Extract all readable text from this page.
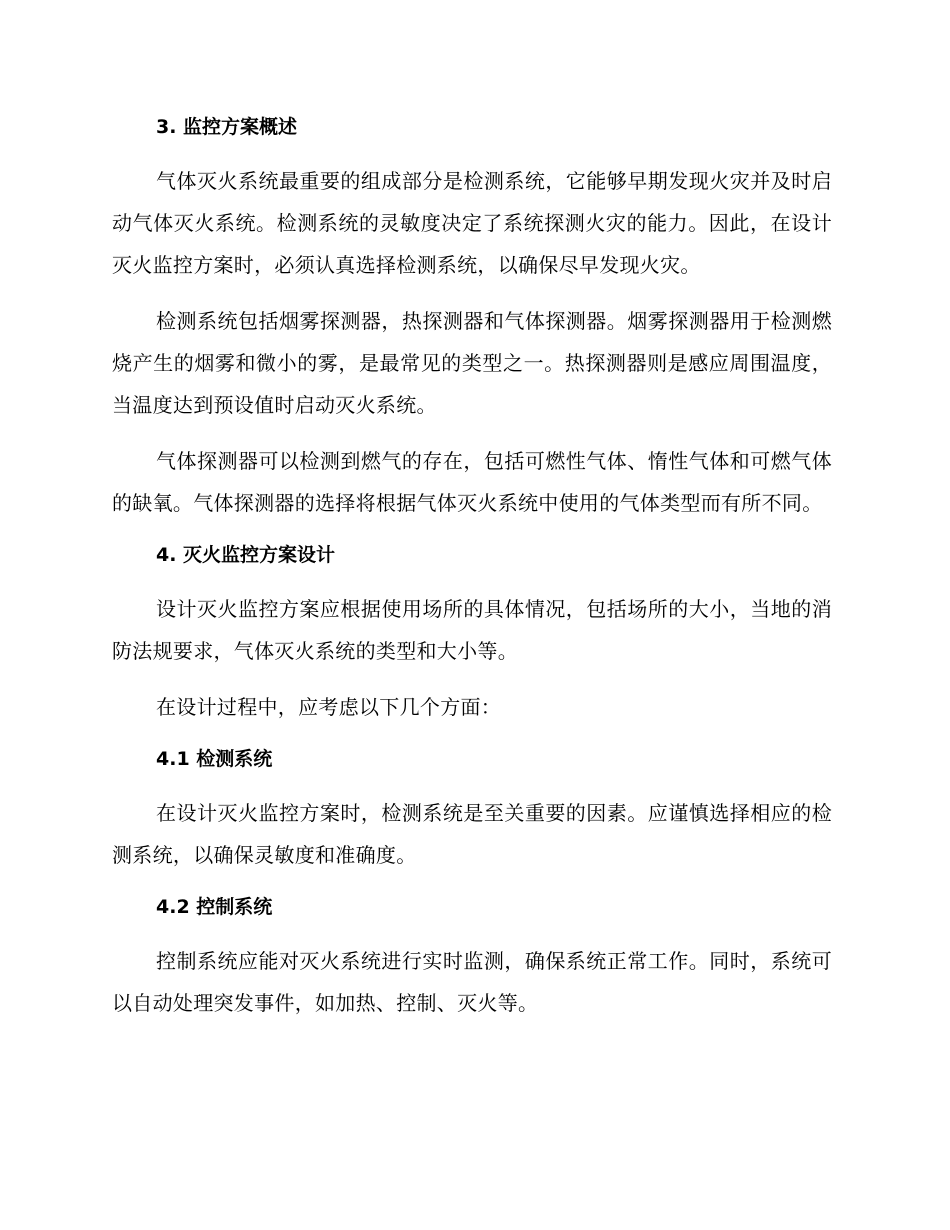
3. 监控方案概述

气体灭火系统最重要的组成部分是检测系统，它能够早期发现火灾并及时启动气体灭火系统。检测系统的灵敏度决定了系统探测火灾的能力。因此，在设计灭火监控方案时，必须认真选择检测系统，以确保尽早发现火灾。

检测系统包括烟雾探测器，热探测器和气体探测器。烟雾探测器用于检测燃烧产生的烟雾和微小的雾，是最常见的类型之一。热探测器则是感应周围温度，当温度达到预设值时启动灭火系统。

气体探测器可以检测到燃气的存在，包括可燃性气体、惰性气体和可燃气体的缺氧。气体探测器的选择将根据气体灭火系统中使用的气体类型而有所不同。

4. 灭火监控方案设计

设计灭火监控方案应根据使用场所的具体情况，包括场所的大小，当地的消防法规要求，气体灭火系统的类型和大小等。

在设计过程中，应考虑以下几个方面：

4.1 检测系统

在设计灭火监控方案时，检测系统是至关重要的因素。应谨慎选择相应的检测系统，以确保灵敏度和准确度。

4.2 控制系统

控制系统应能对灭火系统进行实时监测，确保系统正常工作。同时，系统可以自动处理突发事件，如加热、控制、灭火等。
